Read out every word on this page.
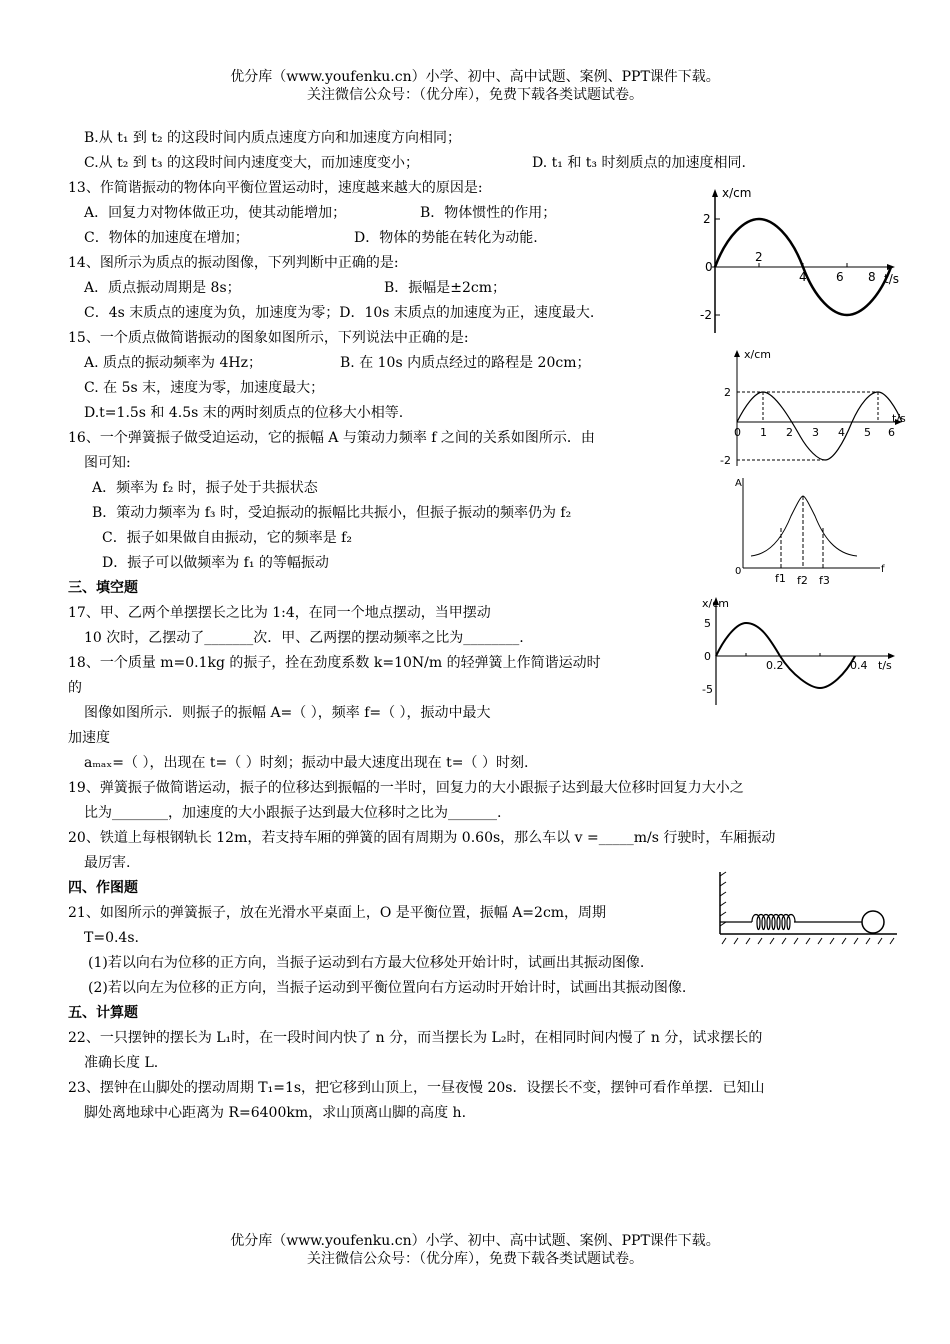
优分库（www.youfenku.cn）小学、初中、高中试题、案例、PPT课件下载。
关注微信公众号：（优分库），免费下载各类试题试卷。
B.从 t₁ 到 t₂ 的这段时间内质点速度方向和加速度方向相同；
C.从 t₂ 到 t₃ 的这段时间内速度变大，而加速度变小；	D. t₁ 和 t₃ 时刻质点的加速度相同.
13、作简谐振动的物体向平衡位置运动时，速度越来越大的原因是:
A．回复力对物体做正功，使其动能增加；	B．物体惯性的作用；
C．物体的加速度在增加；	D．物体的势能在转化为动能.
14、图所示为质点的振动图像，下列判断中正确的是:
A．质点振动周期是 8s；	B．振幅是±2cm；
C．4s 末质点的速度为负，加速度为零；D．10s 末质点的加速度为正，速度最大.
15、一个质点做简谐振动的图象如图所示，下列说法中正确的是:
A. 质点的振动频率为 4Hz；	B. 在 10s 内质点经过的路程是 20cm；
C. 在 5s 末，速度为零，加速度最大；
D.t=1.5s 和 4.5s 末的两时刻质点的位移大小相等.
16、一个弹簧振子做受迫运动，它的振幅 A 与策动力频率 f 之间的关系如图所示．由
图可知:
A．频率为 f₂ 时，振子处于共振状态
B．策动力频率为 f₃ 时，受迫振动的振幅比共振小，但振子振动的频率仍为 f₂
C．振子如果做自由振动，它的频率是 f₂
D．振子可以做频率为 f₁ 的等幅振动
三、填空题
17、甲、乙两个单摆摆长之比为 1:4，在同一个地点摆动，当甲摆动
10 次时，乙摆动了_______次．甲、乙两摆的摆动频率之比为________.
18、一个质量 m=0.1kg 的振子，拴在劲度系数 k=10N/m 的轻弹簧上作简谐运动时
的
图像如图所示．则振子的振幅 A=（ ），频率 f=（ ），振动中最大
加速度
aₘₐₓ=（ ），出现在 t=（ ）时刻；振动中最大速度出现在 t=（ ）时刻.
19、弹簧振子做简谐运动，振子的位移达到振幅的一半时，回复力的大小跟振子达到最大位移时回复力大小之
比为________，加速度的大小跟振子达到最大位移时之比为_______.
20、铁道上每根钢轨长 12m，若支持车厢的弹簧的固有周期为 0.60s，那么车以 v =_____m/s 行驶时，车厢振动
最厉害.
四、作图题
21、如图所示的弹簧振子，放在光滑水平桌面上，O 是平衡位置，振幅 A=2cm，周期
T=0.4s.
(1)若以向右为位移的正方向，当振子运动到右方最大位移处开始计时，试画出其振动图像.
(2)若以向左为位移的正方向，当振子运动到平衡位置向右方运动时开始计时，试画出其振动图像.
五、计算题
22、一只摆钟的摆长为 L₁时，在一段时间内快了 n 分，而当摆长为 L₂时，在相同时间内慢了 n 分，试求摆长的
准确长度 L.
23、摆钟在山脚处的摆动周期 T₁=1s，把它移到山顶上，一昼夜慢 20s．设摆长不变，摆钟可看作单摆．已知山
脚处离地球中心距离为 R=6400km，求山顶离山脚的高度 h.
x/cm
t/s
2
0
-2
2
4 6 8
x/cm
t/s
2
-2
0 1 2 3 4 5 6
A
f
0
f1 f2 f3
x/cm
t/s
5
0
-5
0.2	0.4
优分库（www.youfenku.cn）小学、初中、高中试题、案例、PPT课件下载。
关注微信公众号：（优分库），免费下载各类试题试卷。
